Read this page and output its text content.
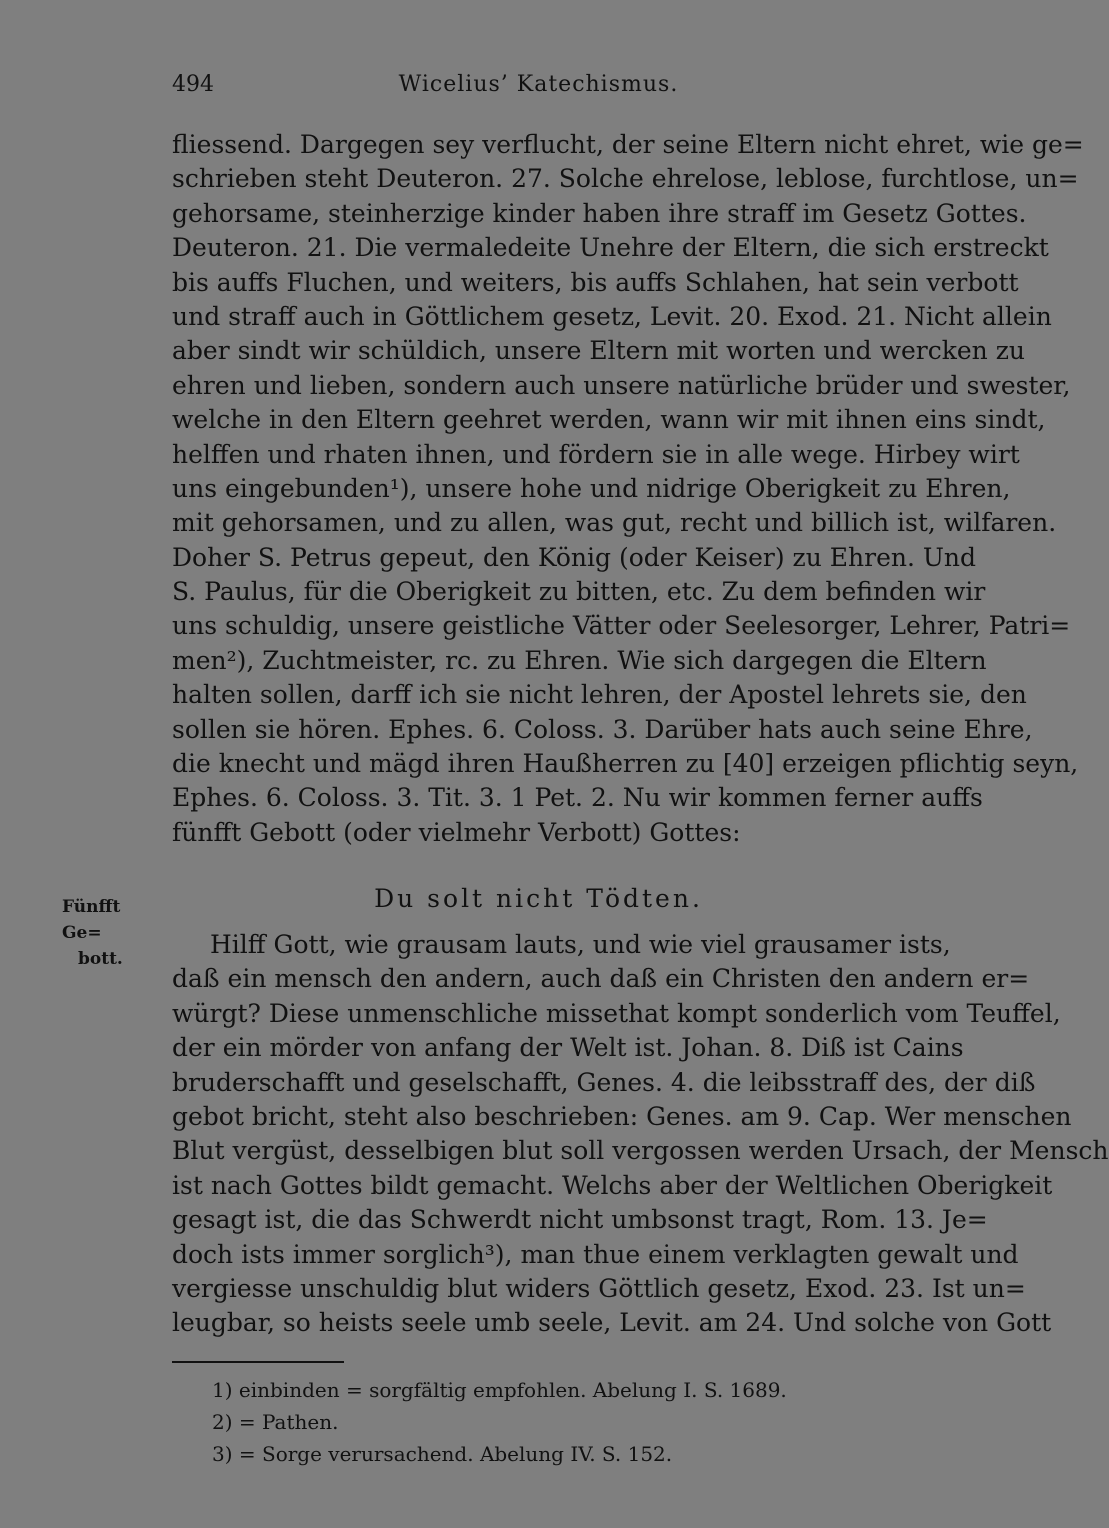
494	Wicelius’ Katechismus.
fliessend. Dargegen sey verflucht, der seine Eltern nicht ehret, wie ge=
schrieben steht Deuteron. 27. Solche ehrelose, leblose, furchtlose, un=
gehorsame, steinherzige kinder haben ihre straff im Gesetz Gottes.
Deuteron. 21. Die vermaledeite Unehre der Eltern, die sich erstreckt
bis auffs Fluchen, und weiters, bis auffs Schlahen, hat sein verbott
und straff auch in Göttlichem gesetz, Levit. 20. Exod. 21. Nicht allein
aber sindt wir schüldich, unsere Eltern mit worten und wercken zu
ehren und lieben, sondern auch unsere natürliche brüder und swester,
welche in den Eltern geehret werden, wann wir mit ihnen eins sindt,
helffen und rhaten ihnen, und fördern sie in alle wege. Hirbey wirt
uns eingebunden¹), unsere hohe und nidrige Oberigkeit zu Ehren,
mit gehorsamen, und zu allen, was gut, recht und billich ist, wilfaren.
Doher S. Petrus gepeut, den König (oder Keiser) zu Ehren. Und
S. Paulus, für die Oberigkeit zu bitten, etc. Zu dem befinden wir
uns schuldig, unsere geistliche Vätter oder Seelesorger, Lehrer, Patri=
men²), Zuchtmeister, rc. zu Ehren. Wie sich dargegen die Eltern
halten sollen, darff ich sie nicht lehren, der Apostel lehrets sie, den
sollen sie hören. Ephes. 6. Coloss. 3. Darüber hats auch seine Ehre,
die knecht und mägd ihren Haußherren zu [40] erzeigen pflichtig seyn,
Ephes. 6. Coloss. 3. Tit. 3. 1 Pet. 2. Nu wir kommen ferner auffs
fünfft Gebott (oder vielmehr Verbott) Gottes:
Fünfft Ge=
bott.
Du solt nicht Tödten.
Hilff Gott, wie grausam lauts, und wie viel grausamer ists,
daß ein mensch den andern, auch daß ein Christen den andern er=
würgt? Diese unmenschliche missethat kompt sonderlich vom Teuffel,
der ein mörder von anfang der Welt ist. Johan. 8. Diß ist Cains
bruderschafft und geselschafft, Genes. 4. die leibsstraff des, der diß
gebot bricht, steht also beschrieben: Genes. am 9. Cap. Wer menschen
Blut vergüst, desselbigen blut soll vergossen werden Ursach, der Mensch
ist nach Gottes bildt gemacht. Welchs aber der Weltlichen Oberigkeit
gesagt ist, die das Schwerdt nicht umbsonst tragt, Rom. 13. Je=
doch ists immer sorglich³), man thue einem verklagten gewalt und
vergiesse unschuldig blut widers Göttlich gesetz, Exod. 23. Ist un=
leugbar, so heists seele umb seele, Levit. am 24. Und solche von Gott
1) einbinden = sorgfältig empfohlen. Abelung I. S. 1689.
2) = Pathen.
3) = Sorge verursachend. Abelung IV. S. 152.
